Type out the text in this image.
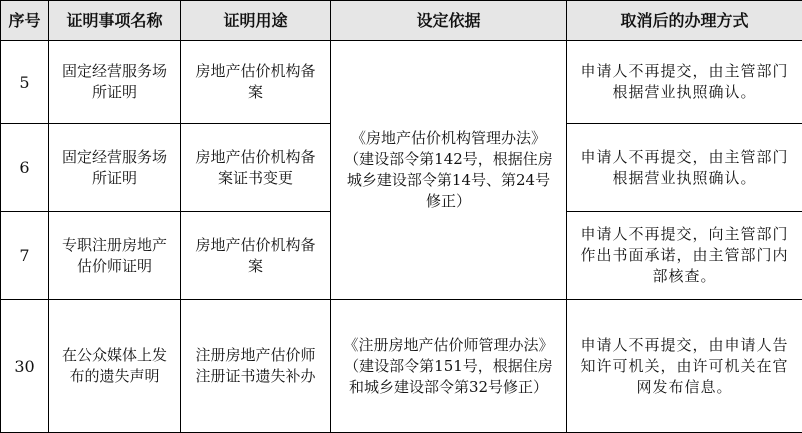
序号	证明事项名称	证明用途	设定依据	取消后的办理方式
5	固定经营服务场所证明	房地产估价机构备案	《房地产估价机构管理办法》（建设部令第142号，根据住房城乡建设部令第14号、第24号修正）	申请人不再提交，由主管部门根据营业执照确认。
6	固定经营服务场所证明	房地产估价机构备案证书变更		申请人不再提交，由主管部门根据营业执照确认。
7	专职注册房地产估价师证明	房地产估价机构备案		申请人不再提交，向主管部门作出书面承诺，由主管部门内部核查。
30	在公众媒体上发布的遗失声明	注册房地产估价师注册证书遗失补办	《注册房地产估价师管理办法》（建设部令第151号，根据住房和城乡建设部令第32号修正）	申请人不再提交，由申请人告知许可机关，由许可机关在官网发布信息。
